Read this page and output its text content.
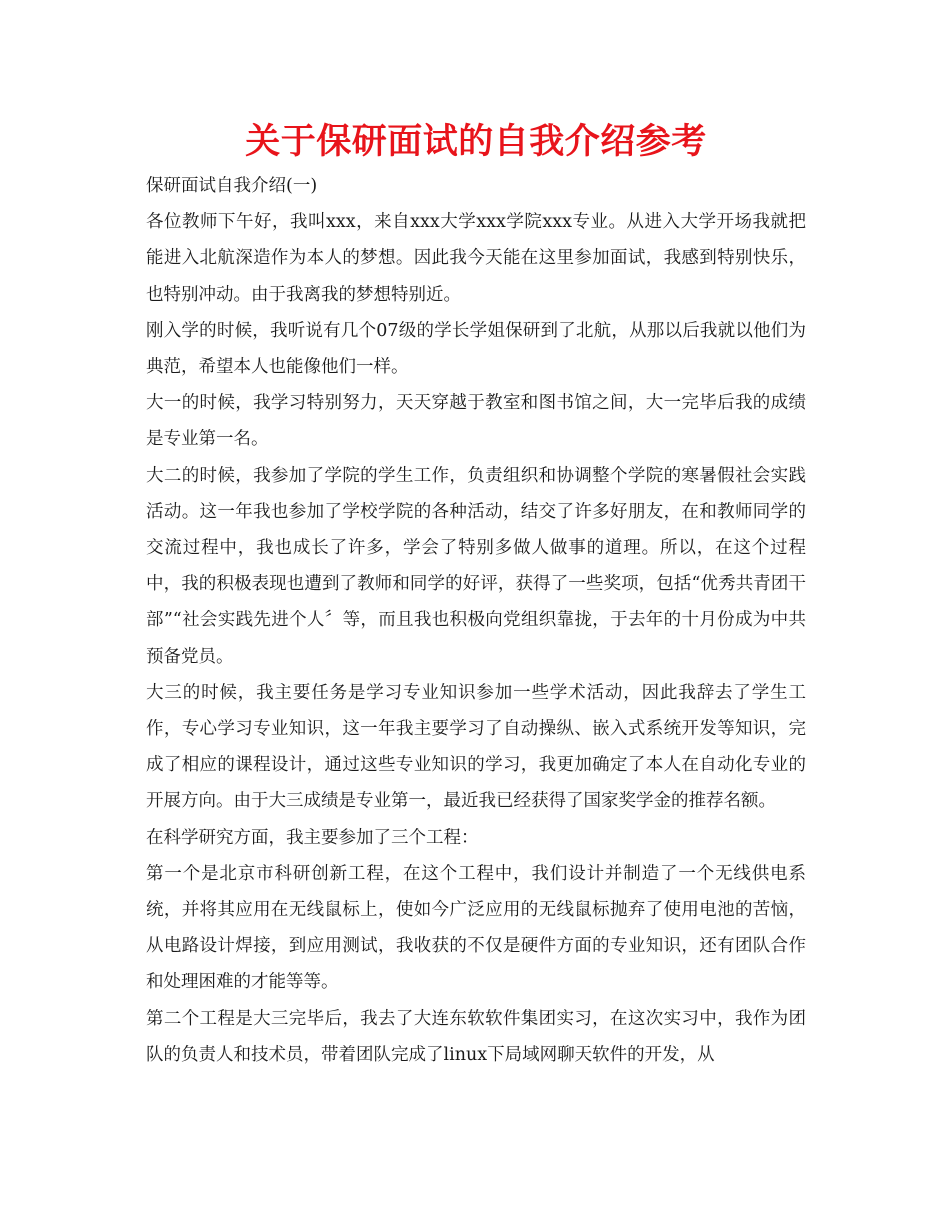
关于保研面试的自我介绍参考

保研面试自我介绍(一)

各位教师下午好，我叫xxx，来自xxx大学xxx学院xxx专业。从进入大学开场我就把能进入北航深造作为本人的梦想。因此我今天能在这里参加面试，我感到特别快乐，也特别冲动。由于我离我的梦想特别近。

刚入学的时候，我听说有几个07级的学长学姐保研到了北航，从那以后我就以他们为典范，希望本人也能像他们一样。

大一的时候，我学习特别努力，天天穿越于教室和图书馆之间，大一完毕后我的成绩是专业第一名。

大二的时候，我参加了学院的学生工作，负责组织和协调整个学院的寒暑假社会实践活动。这一年我也参加了学校学院的各种活动，结交了许多好朋友，在和教师同学的交流过程中，我也成长了许多，学会了特别多做人做事的道理。所以，在这个过程中，我的积极表现也遭到了教师和同学的好评，获得了一些奖项，包括“优秀共青团干部”“社会实践先进个人〞等，而且我也积极向党组织靠拢，于去年的十月份成为中共预备党员。

大三的时候，我主要任务是学习专业知识参加一些学术活动，因此我辞去了学生工作，专心学习专业知识，这一年我主要学习了自动操纵、嵌入式系统开发等知识，完成了相应的课程设计，通过这些专业知识的学习，我更加确定了本人在自动化专业的开展方向。由于大三成绩是专业第一，最近我已经获得了国家奖学金的推荐名额。

在科学研究方面，我主要参加了三个工程：

第一个是北京市科研创新工程，在这个工程中，我们设计并制造了一个无线供电系统，并将其应用在无线鼠标上，使如今广泛应用的无线鼠标抛弃了使用电池的苦恼，从电路设计焊接，到应用测试，我收获的不仅是硬件方面的专业知识，还有团队合作和处理困难的才能等等。

第二个工程是大三完毕后，我去了大连东软软件集团实习，在这次实习中，我作为团队的负责人和技术员，带着团队完成了linux下局域网聊天软件的开发，从
